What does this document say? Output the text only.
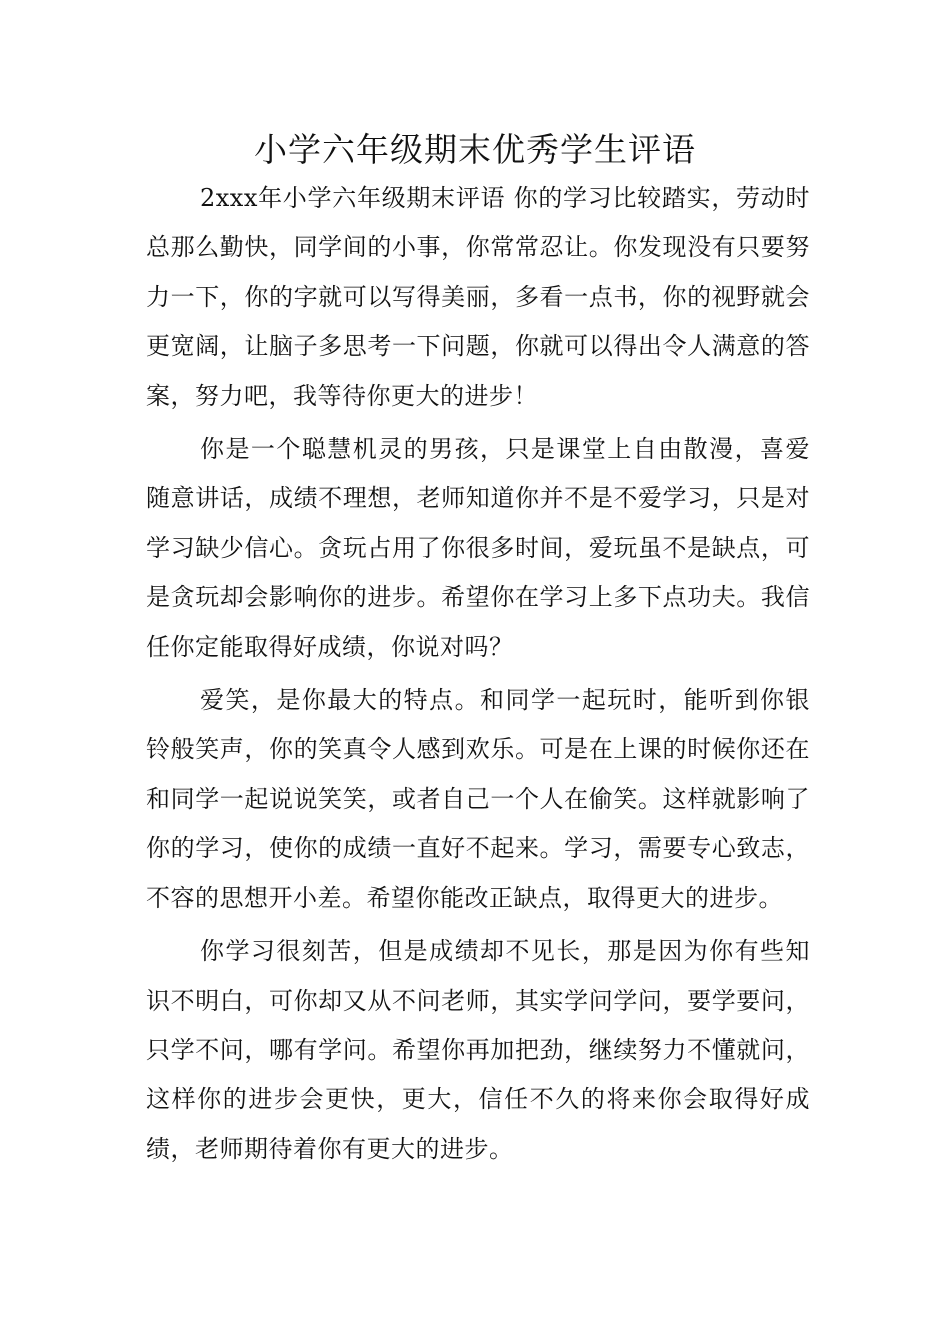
小学六年级期末优秀学生评语

2xxx年小学六年级期末评语 你的学习比较踏实，劳动时总那么勤快，同学间的小事，你常常忍让。你发现没有只要努力一下，你的字就可以写得美丽，多看一点书，你的视野就会更宽阔，让脑子多思考一下问题，你就可以得出令人满意的答案，努力吧，我等待你更大的进步！

你是一个聪慧机灵的男孩，只是课堂上自由散漫，喜爱随意讲话，成绩不理想，老师知道你并不是不爱学习，只是对学习缺少信心。贪玩占用了你很多时间，爱玩虽不是缺点，可是贪玩却会影响你的进步。希望你在学习上多下点功夫。我信任你定能取得好成绩，你说对吗？

爱笑，是你最大的特点。和同学一起玩时，能听到你银铃般笑声，你的笑真令人感到欢乐。可是在上课的时候你还在和同学一起说说笑笑，或者自己一个人在偷笑。这样就影响了你的学习，使你的成绩一直好不起来。学习，需要专心致志，不容的思想开小差。希望你能改正缺点，取得更大的进步。

你学习很刻苦，但是成绩却不见长，那是因为你有些知识不明白，可你却又从不问老师，其实学问学问，要学要问，只学不问，哪有学问。希望你再加把劲，继续努力不懂就问，这样你的进步会更快，更大，信任不久的将来你会取得好成绩，老师期待着你有更大的进步。
